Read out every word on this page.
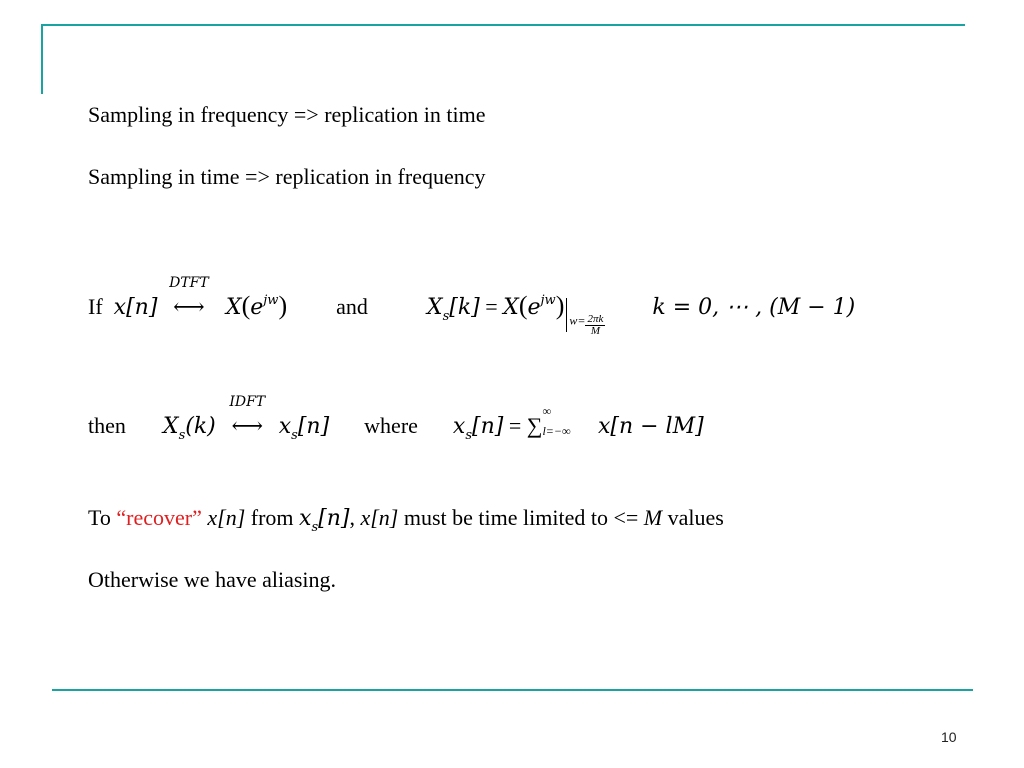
Sampling in frequency => replication in time
Sampling in time => replication in frequency
If x[n]
DTFT
⟷ $X(e^{jw})$ and	$X_s[k] = X(e^{jw})$ $w= \frac{2\pi k}{M}$
k = 0, ⋯ , (M − 1)
then $X_s(k)$
IDFT
⟷ $x_s[n]$ where $x_s[n]$ = ∑
∞
l=−∞ x[n − lM]
To “recover” x[n] from $x_s[n]$, x[n] must be time limited to <= M values
Otherwise we have aliasing.
10
